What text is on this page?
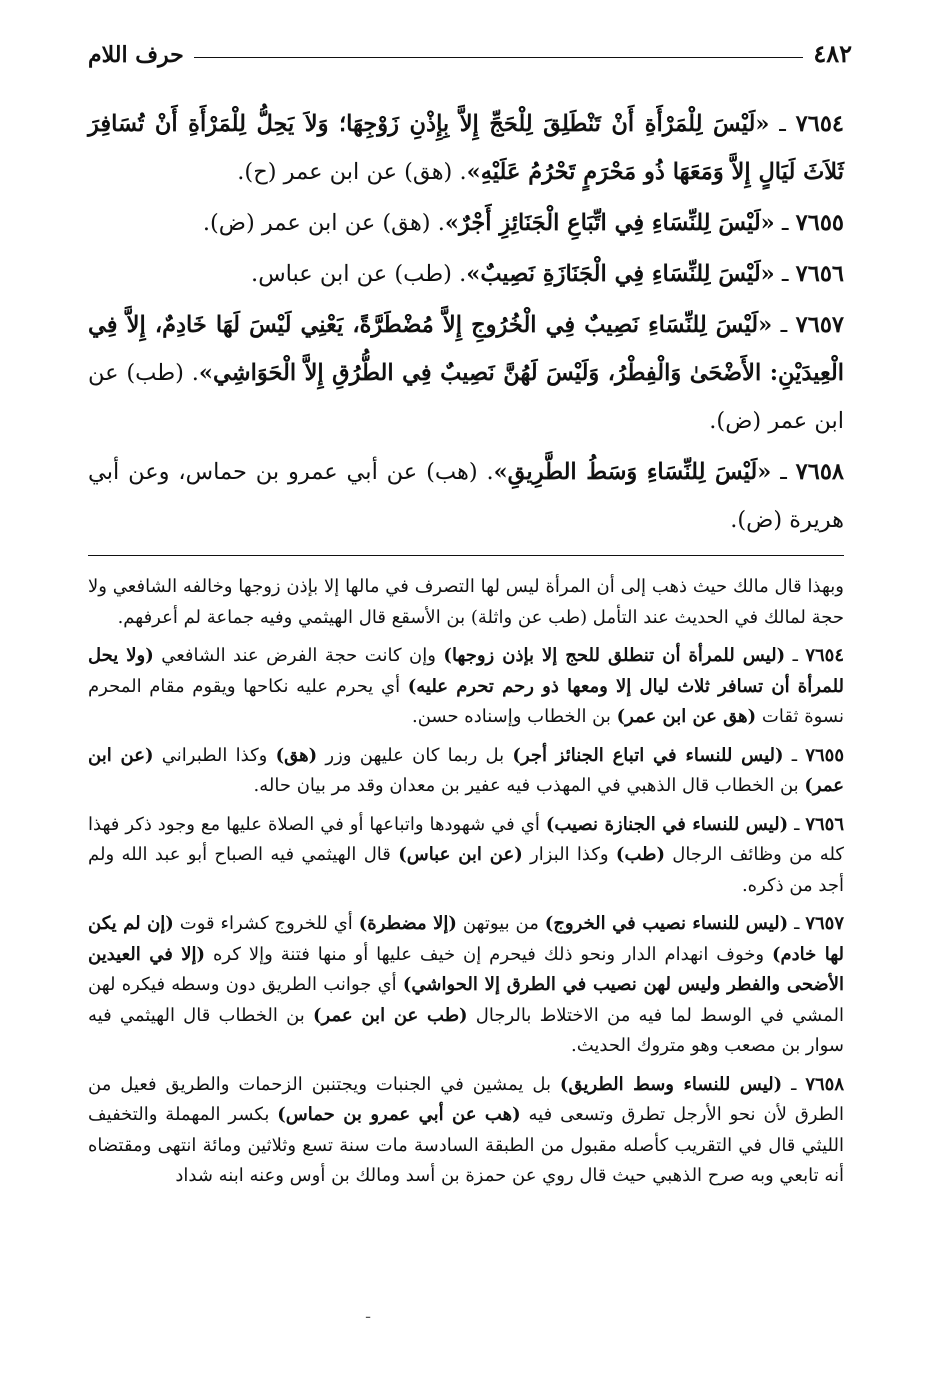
٤٨٢
حرف اللام

٧٦٥٤ ـ «لَيْسَ لِلْمَرْأَةِ أَنْ تَنْطَلِقَ لِلْحَجِّ إِلاَّ بِإِذْنِ زَوْجِهَا؛ وَلاَ يَحِلُّ لِلْمَرْأَةِ أَنْ تُسَافِرَ ثَلاَثَ لَيَالٍ إِلاَّ وَمَعَهَا ذُو مَحْرَمٍ تَحْرُمُ عَلَيْهِ». (هق) عن ابن عمر (ح).

٧٦٥٥ ـ «لَيْسَ لِلنِّسَاءِ فِي اتِّبَاعِ الْجَنَائِزِ أَجْرٌ». (هق) عن ابن عمر (ض).

٧٦٥٦ ـ «لَيْسَ لِلنِّسَاءِ فِي الْجَنَازَةِ نَصِيبٌ». (طب) عن ابن عباس.

٧٦٥٧ ـ «لَيْسَ لِلنِّسَاءِ نَصِيبٌ فِي الْخُرُوجِ إِلاَّ مُضْطَرَّةً، يَعْنِي لَيْسَ لَهَا خَادِمٌ، إِلاَّ فِي الْعِيدَيْنِ: الأَضْحَىٰ وَالْفِطْرُ، وَلَيْسَ لَهُنَّ نَصِيبٌ فِي الطُّرُقِ إِلاَّ الْحَوَاشِي». (طب) عن ابن عمر (ض).

٧٦٥٨ ـ «لَيْسَ لِلنِّسَاءِ وَسَطُ الطَّرِيقِ». (هب) عن أبي عمرو بن حماس، وعن أبي هريرة (ض).

وبهذا قال مالك حيث ذهب إلى أن المرأة ليس لها التصرف في مالها إلا بإذن زوجها وخالفه الشافعي ولا حجة لمالك في الحديث عند التأمل (طب عن واثلة) بن الأسقع قال الهيثمي وفيه جماعة لم أعرفهم.

٧٦٥٤ ـ (ليس للمرأة أن تنطلق للحج إلا بإذن زوجها) وإن كانت حجة الفرض عند الشافعي (ولا يحل للمرأة أن تسافر ثلاث ليال إلا ومعها ذو رحم تحرم عليه) أي يحرم عليه نكاحها ويقوم مقام المحرم نسوة ثقات (هق عن ابن عمر) بن الخطاب وإسناده حسن.

٧٦٥٥ ـ (ليس للنساء في اتباع الجنائز أجر) بل ربما كان عليهن وزر (هق) وكذا الطبراني (عن ابن عمر) بن الخطاب قال الذهبي في المهذب فيه عفير بن معدان وقد مر بيان حاله.

٧٦٥٦ ـ (ليس للنساء في الجنازة نصيب) أي في شهودها واتباعها أو في الصلاة عليها مع وجود ذكر فهذا كله من وظائف الرجال (طب) وكذا البزار (عن ابن عباس) قال الهيثمي فيه الصباح أبو عبد الله ولم أجد من ذكره.

٧٦٥٧ ـ (ليس للنساء نصيب في الخروج) من بيوتهن (إلا مضطرة) أي للخروج كشراء قوت (إن لم يكن لها خادم) وخوف انهدام الدار ونحو ذلك فيحرم إن خيف عليها أو منها فتنة وإلا كره (إلا في العيدين الأضحى والفطر وليس لهن نصيب في الطرق إلا الحواشي) أي جوانب الطريق دون وسطه فيكره لهن المشي في الوسط لما فيه من الاختلاط بالرجال (طب عن ابن عمر) بن الخطاب قال الهيثمي فيه سوار بن مصعب وهو متروك الحديث.

٧٦٥٨ ـ (ليس للنساء وسط الطريق) بل يمشين في الجنبات ويجتنبن الزحمات والطريق فعيل من الطرق لأن نحو الأرجل تطرق وتسعى فيه (هب عن أبي عمرو بن حماس) بكسر المهملة والتخفيف الليثي قال في التقريب كأصله مقبول من الطبقة السادسة مات سنة تسع وثلاثين ومائة انتهى ومقتضاه أنه تابعي وبه صرح الذهبي حيث قال روي عن حمزة بن أسد ومالك بن أوس وعنه ابنه شداد

ـ
